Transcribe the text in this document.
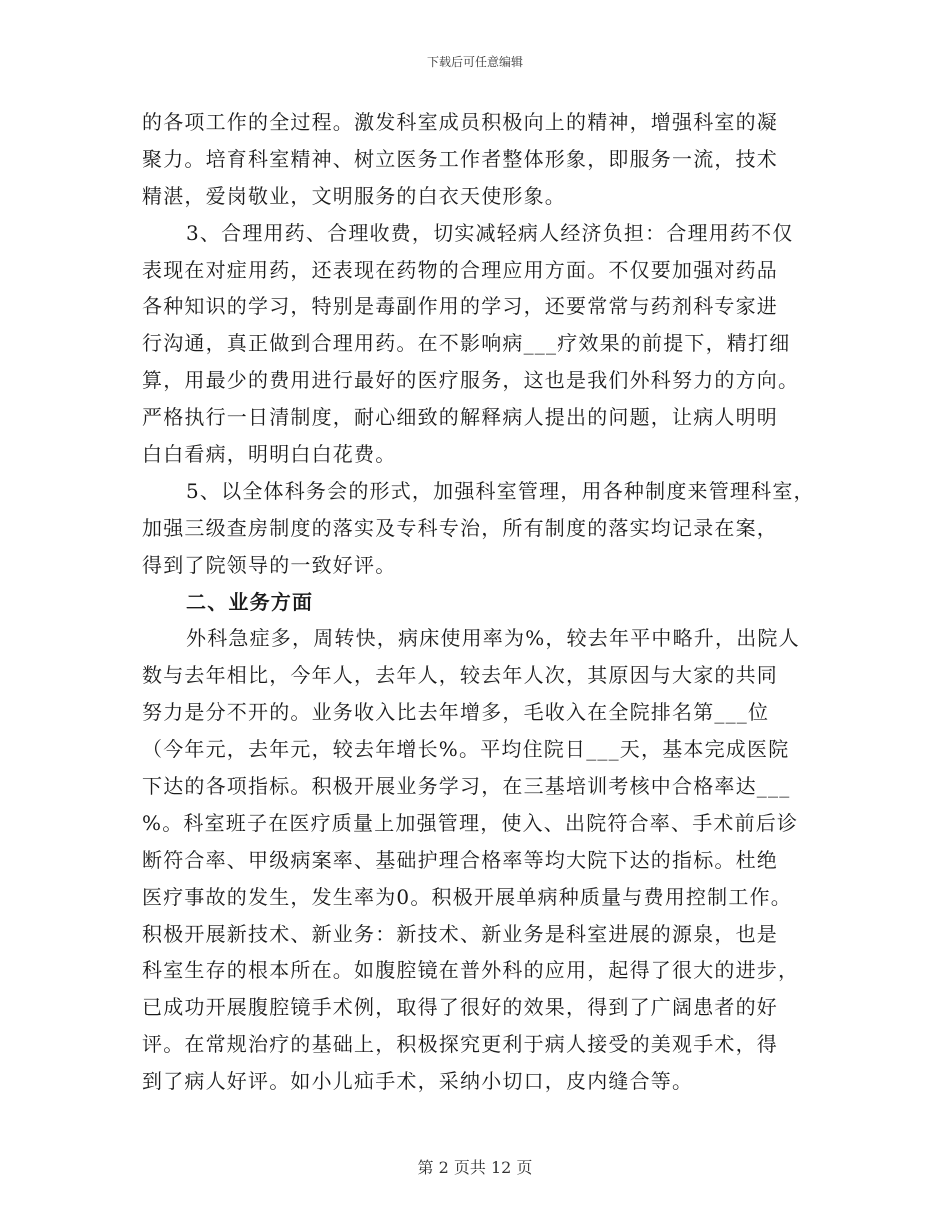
下载后可任意编辑
的各项工作的全过程。激发科室成员积极向上的精神，增强科室的凝
聚力。培育科室精神、树立医务工作者整体形象，即服务一流，技术
精湛，爱岗敬业，文明服务的白衣天使形象。
3、合理用药、合理收费，切实减轻病人经济负担：合理用药不仅
表现在对症用药，还表现在药物的合理应用方面。不仅要加强对药品
各种知识的学习，特别是毒副作用的学习，还要常常与药剂科专家进
行沟通，真正做到合理用药。在不影响病___疗效果的前提下，精打细
算，用最少的费用进行最好的医疗服务，这也是我们外科努力的方向。
严格执行一日清制度，耐心细致的解释病人提出的问题，让病人明明
白白看病，明明白白花费。
5、以全体科务会的形式，加强科室管理，用各种制度来管理科室，
加强三级查房制度的落实及专科专治，所有制度的落实均记录在案，
得到了院领导的一致好评。
二、业务方面
外科急症多，周转快，病床使用率为%，较去年平中略升，出院人
数与去年相比，今年人，去年人，较去年人次，其原因与大家的共同
努力是分不开的。业务收入比去年增多，毛收入在全院排名第___位
（今年元，去年元，较去年增长%。平均住院日___天，基本完成医院
下达的各项指标。积极开展业务学习，在三基培训考核中合格率达___
%。科室班子在医疗质量上加强管理，使入、出院符合率、手术前后诊
断符合率、甲级病案率、基础护理合格率等均大院下达的指标。杜绝
医疗事故的发生，发生率为0。积极开展单病种质量与费用控制工作。
积极开展新技术、新业务：新技术、新业务是科室进展的源泉，也是
科室生存的根本所在。如腹腔镜在普外科的应用，起得了很大的进步，
已成功开展腹腔镜手术例，取得了很好的效果，得到了广阔患者的好
评。在常规治疗的基础上，积极探究更利于病人接受的美观手术，得
到了病人好评。如小儿疝手术，采纳小切口，皮内缝合等。
第 2 页共 12 页
